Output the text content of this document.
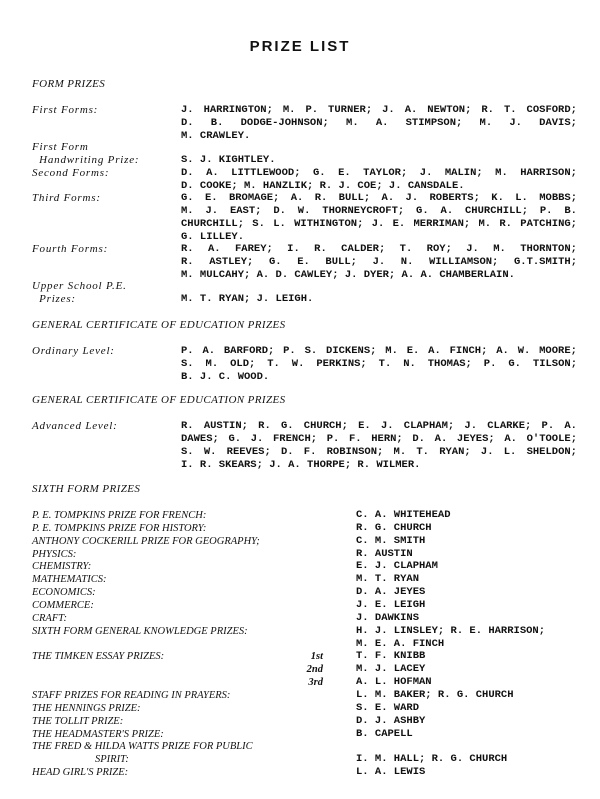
PRIZE LIST
FORM PRIZES
First Forms:	J. HARRINGTON; M. P. TURNER; J. A. NEWTON; R. T. COSFORD;
D. B. DODGE-JOHNSON; M. A. STIMPSON; M. J. DAVIS;
M. CRAWLEY.
First Form
Handwriting Prize:	S. J. KIGHTLEY.
Second Forms:	D. A. LITTLEWOOD; G. E. TAYLOR; J. MALIN; M. HARRISON;
D. COOKE; M. HANZLIK; R. J. COE; J. CANSDALE.
Third Forms:	G. E. BROMAGE; A. R. BULL; A. J. ROBERTS; K. L. MOBBS;
M. J. EAST; D. W. THORNEYCROFT; G. A. CHURCHILL; P. B.
CHURCHILL; S. L. WITHINGTON; J. E. MERRIMAN; M. R. PATCHING;
G. LILLEY.
Fourth Forms:	R. A. FAREY; I. R. CALDER; T. ROY; J. M. THORNTON;
R. ASTLEY; G. E. BULL; J. N. WILLIAMSON; G.T.SMITH;
M. MULCAHY; A. D. CAWLEY; J. DYER; A. A. CHAMBERLAIN.
Upper School P.E.
Prizes:	M. T. RYAN; J. LEIGH.
GENERAL CERTIFICATE OF EDUCATION PRIZES
Ordinary Level:	P. A. BARFORD; P. S. DICKENS; M. E. A. FINCH; A. W. MOORE;
S. M. OLD; T. W. PERKINS; T. N. THOMAS; P. G. TILSON;
B. J. C. WOOD.
GENERAL CERTIFICATE OF EDUCATION PRIZES
Advanced Level:	R. AUSTIN; R. G. CHURCH; E. J. CLAPHAM; J. CLARKE; P. A.
DAWES; G. J. FRENCH; P. F. HERN; D. A. JEYES; A. O'TOOLE;
S. W. REEVES; D. F. ROBINSON; M. T. RYAN; J. L. SHELDON;
I. R. SKEARS; J. A. THORPE; R. WILMER.
SIXTH FORM PRIZES
P. E. TOMPKINS PRIZE FOR FRENCH:	C. A. WHITEHEAD
P. E. TOMPKINS PRIZE FOR HISTORY:	R. G. CHURCH
ANTHONY COCKERILL PRIZE FOR GEOGRAPHY;	C. M. SMITH
PHYSICS:	R. AUSTIN
CHEMISTRY:	E. J. CLAPHAM
MATHEMATICS:	M. T. RYAN
ECONOMICS:	D. A. JEYES
COMMERCE:	J. E. LEIGH
CRAFT:	J. DAWKINS
SIXTH FORM GENERAL KNOWLEDGE PRIZES:	H. J. LINSLEY; R. E. HARRISON;
M. E. A. FINCH
THE TIMKEN ESSAY PRIZES:	1st	T. F. KNIBB
2nd	M. J. LACEY
3rd	A. L. HOFMAN
STAFF PRIZES FOR READING IN PRAYERS:	L. M. BAKER; R. G. CHURCH
THE HENNINGS PRIZE:	S. E. WARD
THE TOLLIT PRIZE:	D. J. ASHBY
THE HEADMASTER'S PRIZE:	B. CAPELL
THE FRED & HILDA WATTS PRIZE FOR PUBLIC
SPIRIT:	I. M. HALL; R. G. CHURCH
HEAD GIRL'S PRIZE:	L. A. LEWIS
